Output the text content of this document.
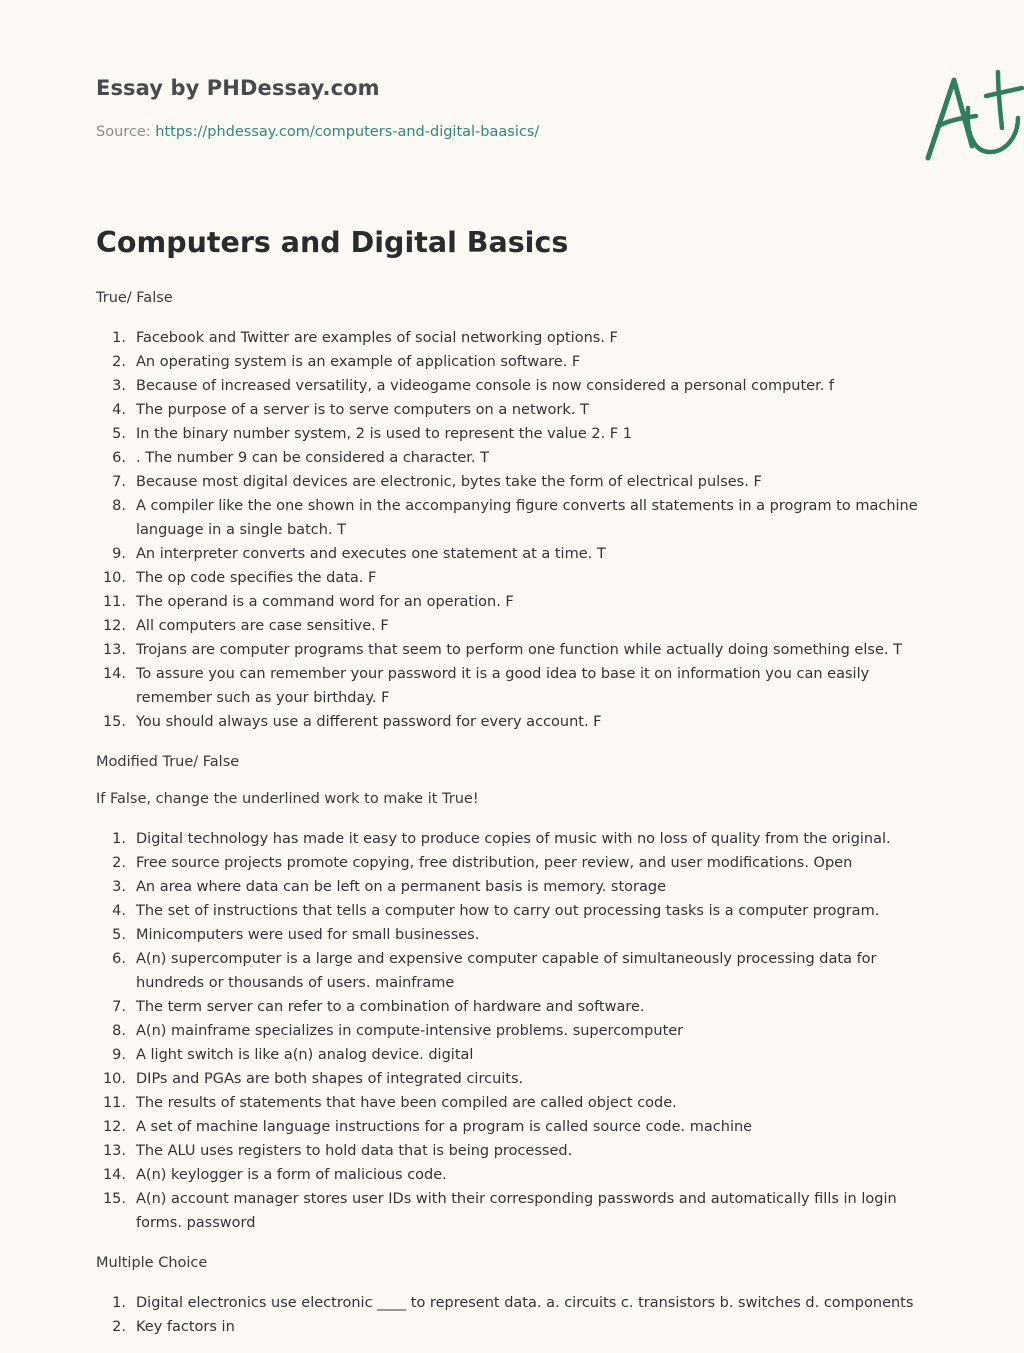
Essay by PHDessay.com
Source: https://phdessay.com/computers-and-digital-baasics/
Computers and Digital Basics

True/ False

1. Facebook and Twitter are examples of social networking options. F
2. An operating system is an example of application software. F
3. Because of increased versatility, a videogame console is now considered a personal computer. f
4. The purpose of a server is to serve computers on a network. T
5. In the binary number system, 2 is used to represent the value 2. F 1
6. . The number 9 can be considered a character. T
7. Because most digital devices are electronic, bytes take the form of electrical pulses. F
8. A compiler like the one shown in the accompanying figure converts all statements in a program to machine language in a single batch. T
9. An interpreter converts and executes one statement at a time. T
10. The op code specifies the data. F
11. The operand is a command word for an operation. F
12. All computers are case sensitive. F
13. Trojans are computer programs that seem to perform one function while actually doing something else. T
14. To assure you can remember your password it is a good idea to base it on information you can easily remember such as your birthday. F
15. You should always use a different password for every account. F

Modified True/ False

If False, change the underlined work to make it True!

1. Digital technology has made it easy to produce copies of music with no loss of quality from the original.
2. Free source projects promote copying, free distribution, peer review, and user modifications. Open
3. An area where data can be left on a permanent basis is memory. storage
4. The set of instructions that tells a computer how to carry out processing tasks is a computer program.
5. Minicomputers were used for small businesses.
6. A(n) supercomputer is a large and expensive computer capable of simultaneously processing data for hundreds or thousands of users. mainframe
7. The term server can refer to a combination of hardware and software.
8. A(n) mainframe specializes in compute-intensive problems. supercomputer
9. A light switch is like a(n) analog device. digital
10. DIPs and PGAs are both shapes of integrated circuits.
11. The results of statements that have been compiled are called object code.
12. A set of machine language instructions for a program is called source code. machine
13. The ALU uses registers to hold data that is being processed.
14. A(n) keylogger is a form of malicious code.
15. A(n) account manager stores user IDs with their corresponding passwords and automatically fills in login forms. password

Multiple Choice

1. Digital electronics use electronic ____ to represent data. a. circuits c. transistors b. switches d. components
2. Key factors in
